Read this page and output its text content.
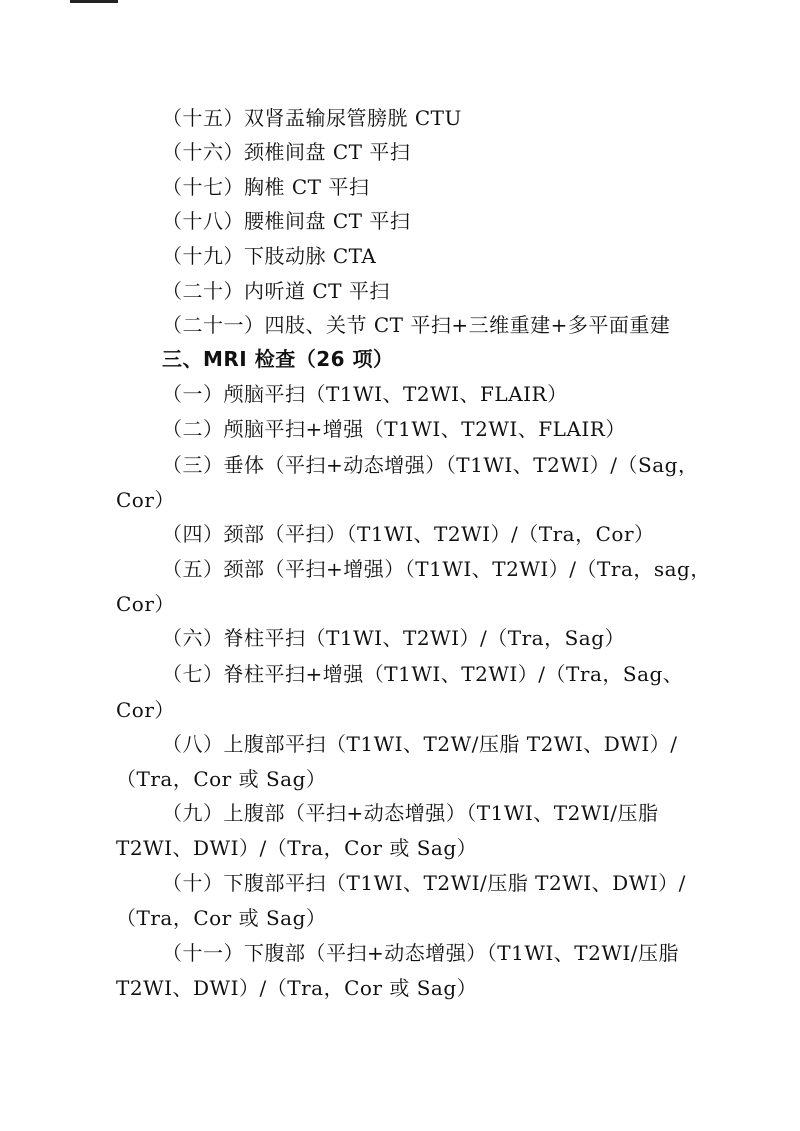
（十五）双肾盂输尿管膀胱 CTU
（十六）颈椎间盘 CT 平扫
（十七）胸椎 CT 平扫
（十八）腰椎间盘 CT 平扫
（十九）下肢动脉 CTA
（二十）内听道 CT 平扫
（二十一）四肢、关节 CT 平扫+三维重建+多平面重建
三、MRI 检查（26 项）
（一）颅脑平扫（T1WI、T2WI、FLAIR）
（二）颅脑平扫+增强（T1WI、T2WI、FLAIR）
（三）垂体（平扫+动态增强）（T1WI、T2WI）/（Sag，
Cor）
（四）颈部（平扫）（T1WI、T2WI）/（Tra，Cor）
（五）颈部（平扫+增强）（T1WI、T2WI）/（Tra，sag，
Cor）
（六）脊柱平扫（T1WI、T2WI）/（Tra，Sag）
（七）脊柱平扫+增强（T1WI、T2WI）/（Tra，Sag、
Cor）
（八）上腹部平扫（T1WI、T2W/压脂 T2WI、DWI）/
（Tra，Cor 或 Sag）
（九）上腹部（平扫+动态增强）（T1WI、T2WI/压脂
T2WI、DWI）/（Tra，Cor 或 Sag）
（十）下腹部平扫（T1WI、T2WI/压脂 T2WI、DWI）/
（Tra，Cor 或 Sag）
（十一）下腹部（平扫+动态增强）（T1WI、T2WI/压脂
T2WI、DWI）/（Tra，Cor 或 Sag）
